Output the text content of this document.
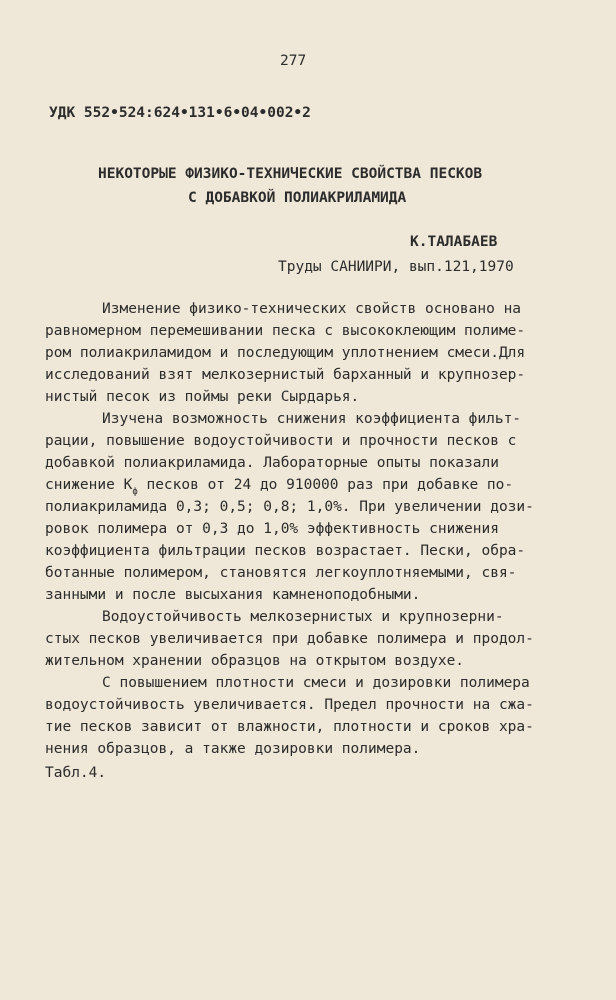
277
УДК 552•524:624•131•6•04•002•2
НЕКОТОРЫЕ ФИЗИКО-ТЕХНИЧЕСКИЕ СВОЙСТВА ПЕСКОВ
С ДОБАВКОЙ ПОЛИАКРИЛАМИДА
К.ТАЛАБАЕВ
Труды САНИИРИ, вып.121,1970
Изменение физико-технических свойств основано на
равномерном перемешивании песка с высококлеющим полиме-
ром полиакриламидом и последующим уплотнением смеси.Для
исследований взят мелкозернистый барханный и крупнозер-
нистый песок из поймы реки Сырдарья.
Изучена возможность снижения коэффициента фильт-
рации, повышение водоустойчивости и прочности песков с
добавкой полиакриламида. Лабораторные опыты показали
снижение $К_ф$ песков от 24 до 910000 раз при добавке по-
полиакриламида 0,3; 0,5; 0,8; 1,0%. При увеличении дози-
ровок полимера от 0,3 до 1,0% эффективность снижения
коэффициента фильтрации песков возрастает. Пески, обра-
ботанные полимером, становятся легкоуплотняемыми, свя-
занными и после высыхания камненоподобными.
Водоустойчивость мелкозернистых и крупнозерни-
стых песков увеличивается при добавке полимера и продол-
жительном хранении образцов на открытом воздухе.
С повышением плотности смеси и дозировки полимера
водоустойчивость увеличивается. Предел прочности на сжа-
тие песков зависит от влажности, плотности и сроков хра-
нения образцов, а также дозировки полимера.
Табл.4.
